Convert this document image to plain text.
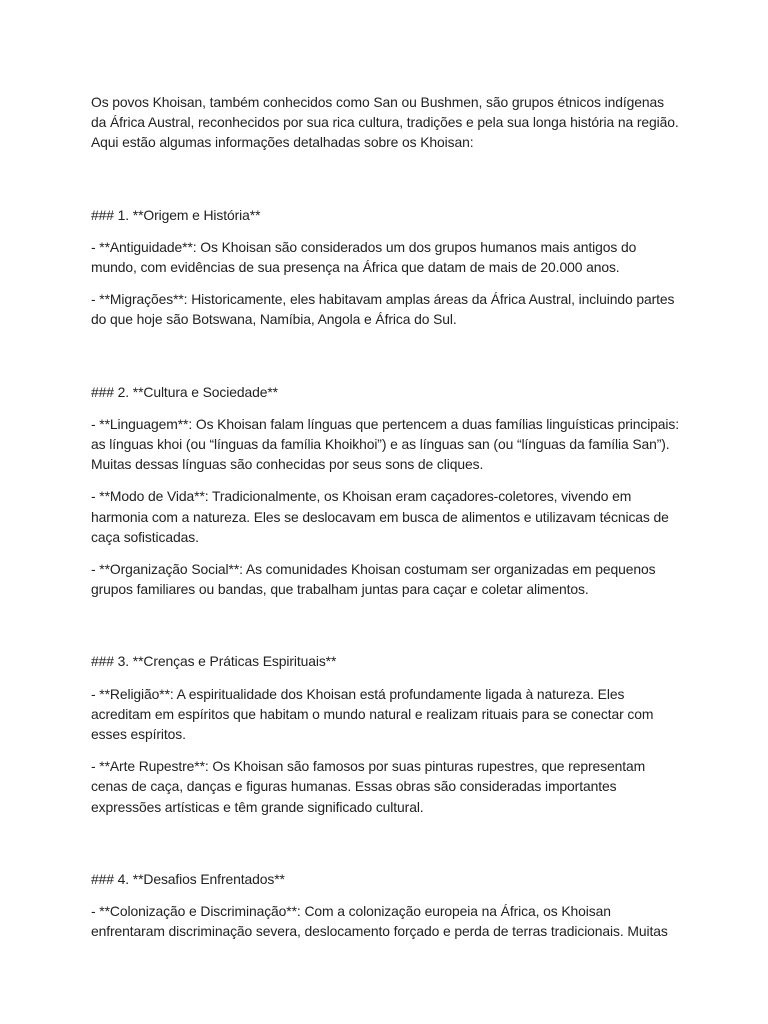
Os povos Khoisan, também conhecidos como San ou Bushmen, são grupos étnicos indígenas da África Austral, reconhecidos por sua rica cultura, tradições e pela sua longa história na região. Aqui estão algumas informações detalhadas sobre os Khoisan:

### 1. **Origem e História**

- **Antiguidade**: Os Khoisan são considerados um dos grupos humanos mais antigos do mundo, com evidências de sua presença na África que datam de mais de 20.000 anos.

- **Migrações**: Historicamente, eles habitavam amplas áreas da África Austral, incluindo partes do que hoje são Botswana, Namíbia, Angola e África do Sul.

### 2. **Cultura e Sociedade**

- **Linguagem**: Os Khoisan falam línguas que pertencem a duas famílias linguísticas principais: as línguas khoi (ou “línguas da família Khoikhoi”) e as línguas san (ou “línguas da família San”). Muitas dessas línguas são conhecidas por seus sons de cliques.

- **Modo de Vida**: Tradicionalmente, os Khoisan eram caçadores-coletores, vivendo em harmonia com a natureza. Eles se deslocavam em busca de alimentos e utilizavam técnicas de caça sofisticadas.

- **Organização Social**: As comunidades Khoisan costumam ser organizadas em pequenos grupos familiares ou bandas, que trabalham juntas para caçar e coletar alimentos.

### 3. **Crenças e Práticas Espirituais**

- **Religião**: A espiritualidade dos Khoisan está profundamente ligada à natureza. Eles acreditam em espíritos que habitam o mundo natural e realizam rituais para se conectar com esses espíritos.

- **Arte Rupestre**: Os Khoisan são famosos por suas pinturas rupestres, que representam cenas de caça, danças e figuras humanas. Essas obras são consideradas importantes expressões artísticas e têm grande significado cultural.

### 4. **Desafios Enfrentados**

- **Colonização e Discriminação**: Com a colonização europeia na África, os Khoisan enfrentaram discriminação severa, deslocamento forçado e perda de terras tradicionais. Muitas
